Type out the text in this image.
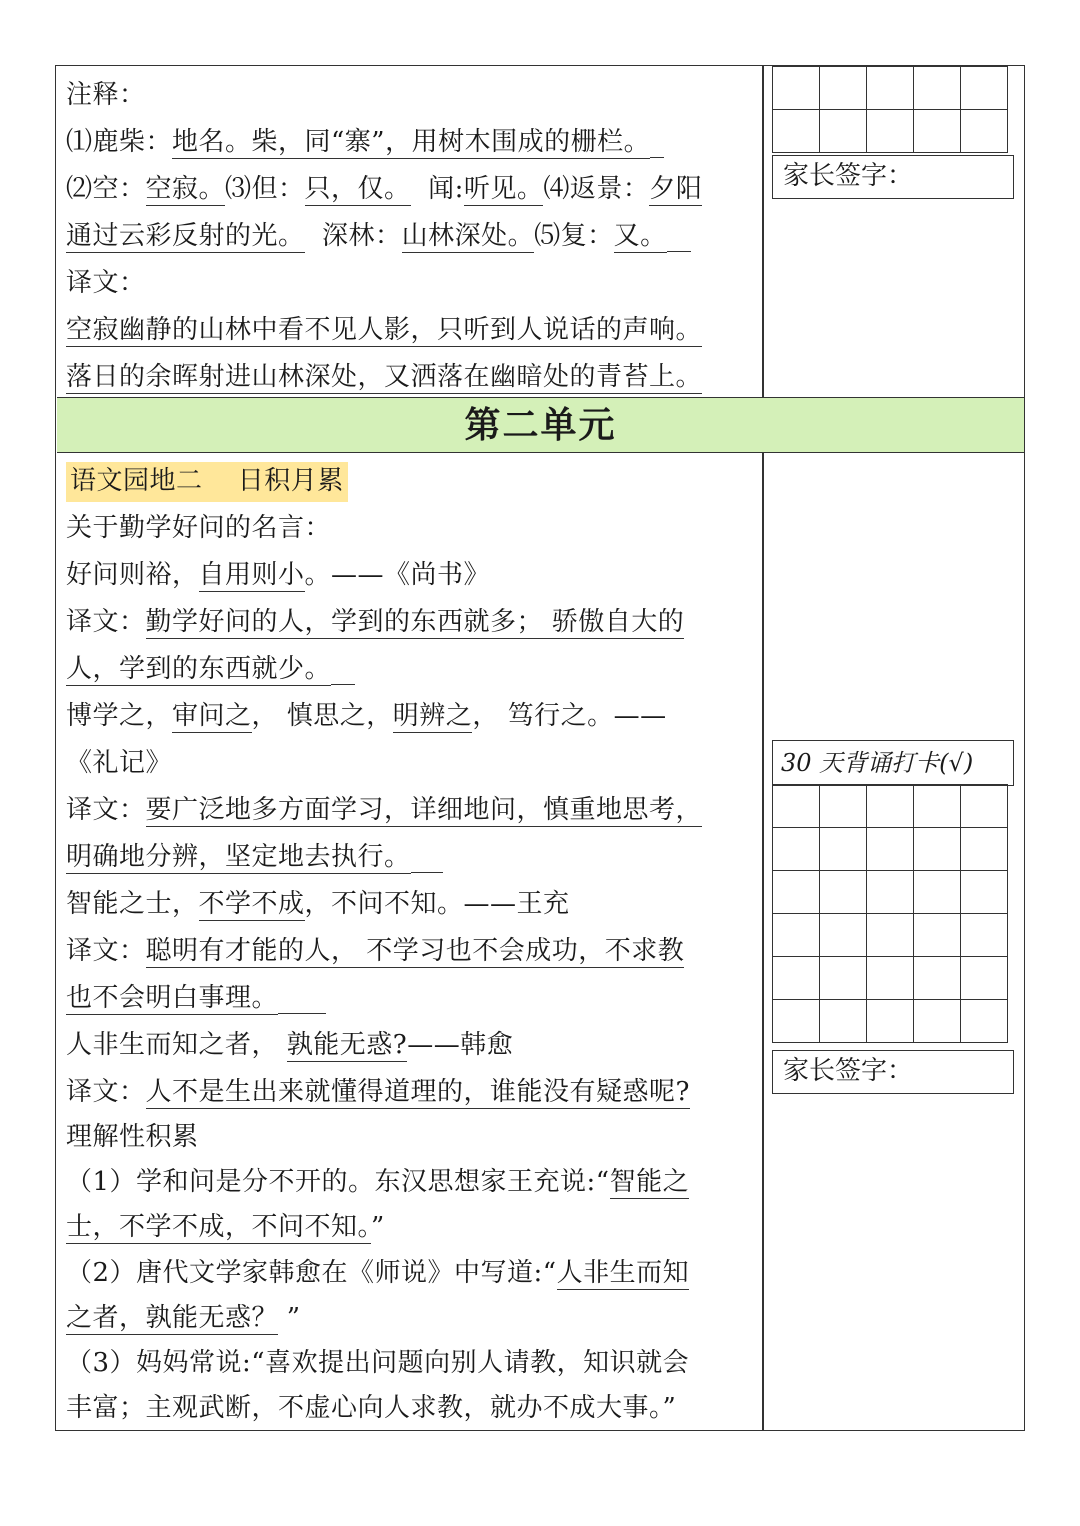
注释：
⑴鹿柴：地名。柴，同“寨”，用树木围成的栅栏。
⑵空：空寂。⑶但：只，仅。 闻:听见。⑷返景：夕阳
通过云彩反射的光。 深林：山林深处。⑸复：又。
译文：
空寂幽静的山林中看不见人影，只听到人说话的声响。
落日的余晖射进山林深处，又洒落在幽暗处的青苔上。

家长签字：
第二单元
语文园地二　 日积月累
关于勤学好问的名言：
好问则裕，自用则小。——《尚书》
译文：勤学好问的人，学到的东西就多； 骄傲自大的
人，学到的东西就少。
博学之，审问之， 慎思之，明辨之， 笃行之。——
《礼记》
译文：要广泛地多方面学习，详细地问，慎重地思考，
明确地分辨，坚定地去执行。
智能之士，不学不成，不问不知。——王充
译文：聪明有才能的人， 不学习也不会成功，不求教
也不会明白事理。
人非生而知之者， 孰能无惑?——韩愈
译文：人不是生出来就懂得道理的，谁能没有疑惑呢?
理解性积累
（1）学和问是分不开的。东汉思想家王充说:“智能之
士，不学不成，不问不知。”
（2）唐代文学家韩愈在《师说》中写道:“人非生而知
之者，孰能无惑？ ”
（3）妈妈常说:“喜欢提出问题向别人请教，知识就会
丰富；主观武断，不虚心向人求教，就办不成大事。”
30 天背诵打卡(√)

家长签字：
